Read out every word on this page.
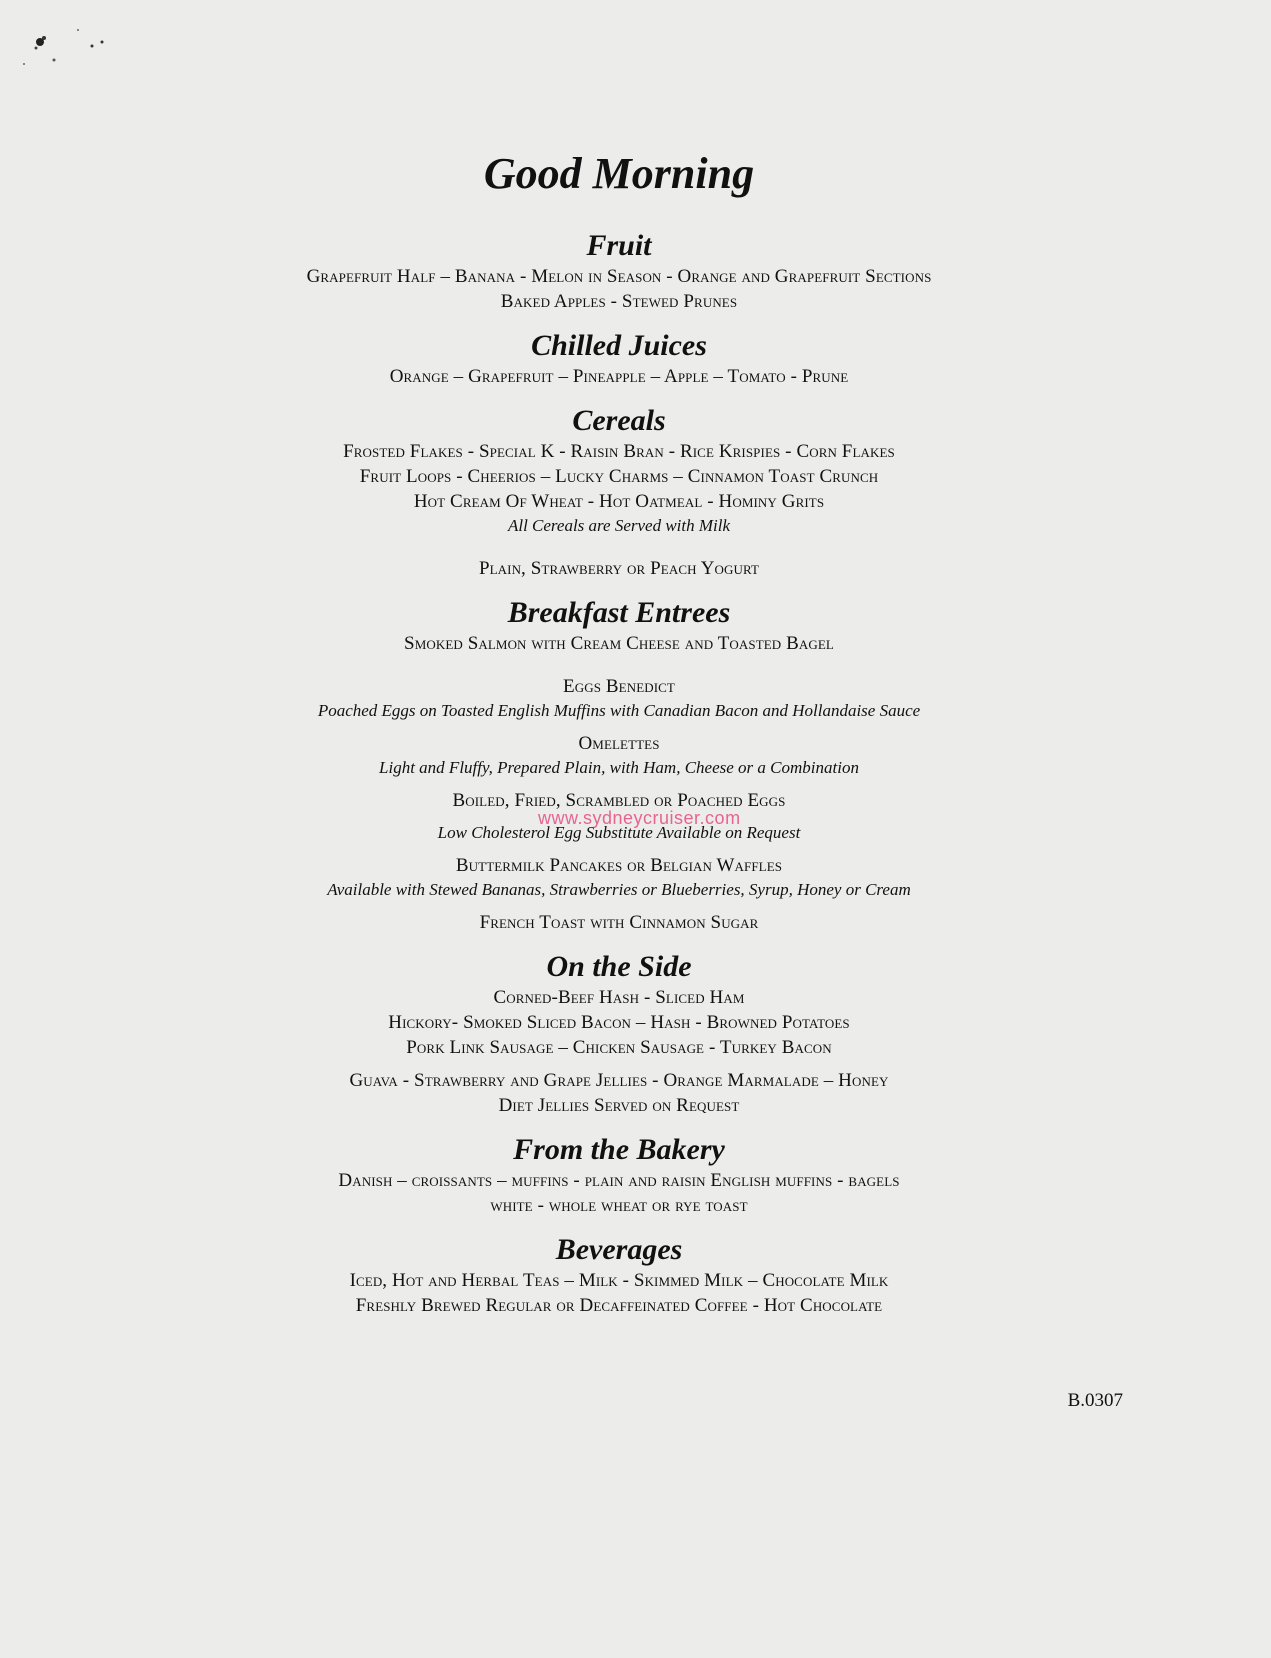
Good Morning
Fruit

Grapefruit Half – Banana - Melon in Season - Orange and Grapefruit Sections

Baked Apples - Stewed Prunes

Chilled Juices

Orange – Grapefruit – Pineapple – Apple – Tomato - Prune

Cereals

Frosted Flakes - Special K - Raisin Bran - Rice Krispies - Corn Flakes

Fruit Loops - Cheerios – Lucky Charms – Cinnamon Toast Crunch

Hot Cream Of Wheat - Hot Oatmeal - Hominy Grits

All Cereals are Served with Milk

Plain, Strawberry or Peach Yogurt

Breakfast Entrees

Smoked Salmon with Cream Cheese and Toasted Bagel

Eggs Benedict

Poached Eggs on Toasted English Muffins with Canadian Bacon and Hollandaise Sauce

Omelettes

Light and Fluffy, Prepared Plain, with Ham, Cheese or a Combination

Boiled, Fried, Scrambled or Poached Eggs

Low Cholesterol Egg Substitute Available on Request

Buttermilk Pancakes or Belgian Waffles

Available with Stewed Bananas, Strawberries or Blueberries, Syrup, Honey or Cream

French Toast with Cinnamon Sugar

On the Side

Corned-Beef Hash - Sliced Ham

Hickory- Smoked Sliced Bacon – Hash - Browned Potatoes

Pork Link Sausage – Chicken Sausage - Turkey Bacon

Guava - Strawberry and Grape Jellies - Orange Marmalade – Honey

Diet Jellies Served on Request

From the Bakery

Danish – croissants – muffins - plain and raisin English muffins - bagels

white - whole wheat or rye toast

Beverages

Iced, Hot and Herbal Teas – Milk - Skimmed Milk – Chocolate Milk

Freshly Brewed Regular or Decaffeinated Coffee - Hot Chocolate

www.sydneycruiser.com

B.0307
